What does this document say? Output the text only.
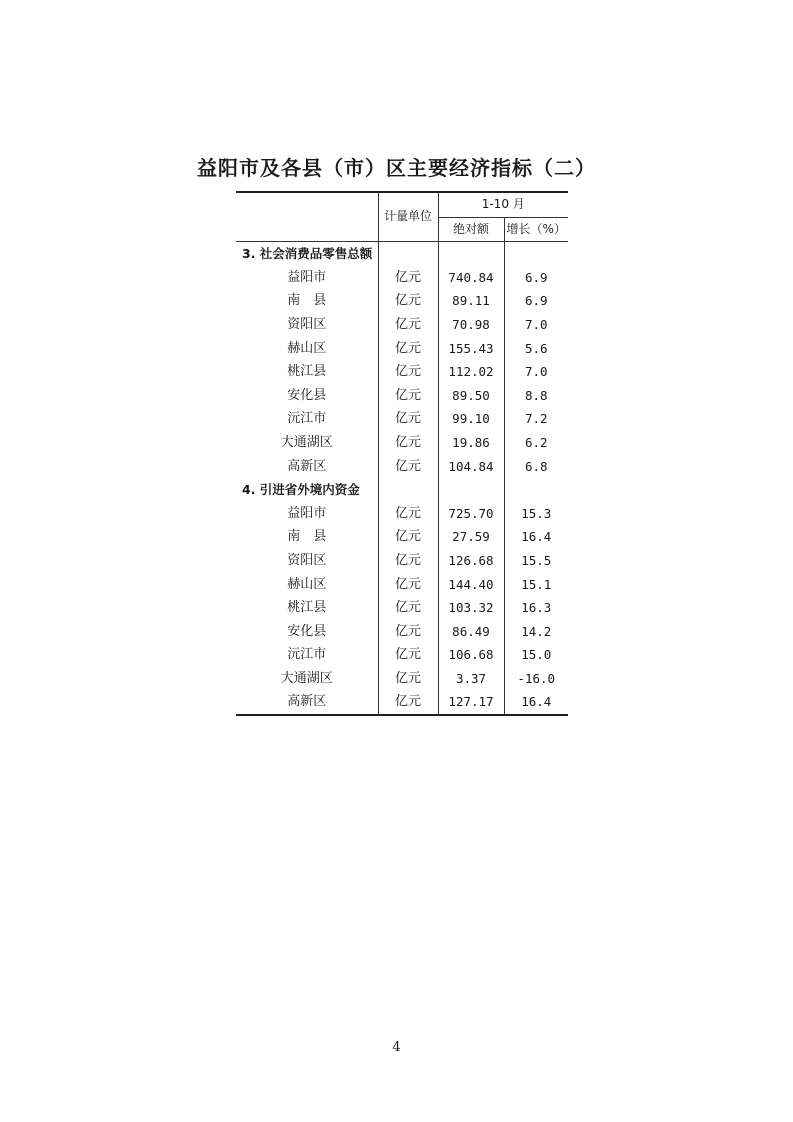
益阳市及各县（市）区主要经济指标（二）
	计量单位	1-10 月	
		绝对额	增长（%）
3. 社会消费品零售总额			
益阳市	亿元	740.84	6.9
南　县	亿元	89.11	6.9
资阳区	亿元	70.98	7.0
赫山区	亿元	155.43	5.6
桃江县	亿元	112.02	7.0
安化县	亿元	89.50	8.8
沅江市	亿元	99.10	7.2
大通湖区	亿元	19.86	6.2
高新区	亿元	104.84	6.8
4. 引进省外境内资金			
益阳市	亿元	725.70	15.3
南　县	亿元	27.59	16.4
资阳区	亿元	126.68	15.5
赫山区	亿元	144.40	15.1
桃江县	亿元	103.32	16.3
安化县	亿元	86.49	14.2
沅江市	亿元	106.68	15.0
大通湖区	亿元	3.37	-16.0
高新区	亿元	127.17	16.4
4
